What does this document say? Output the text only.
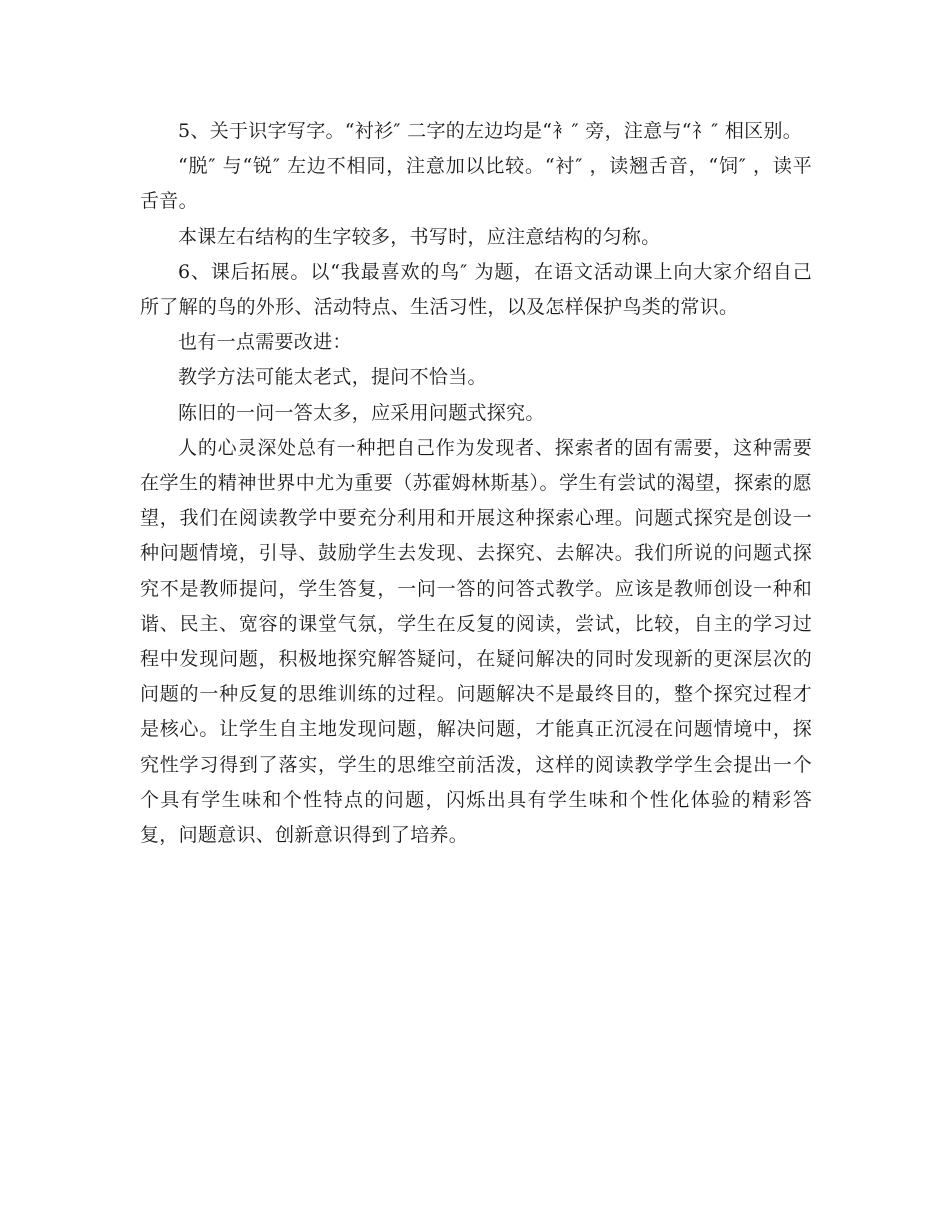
5、关于识字写字。“衬衫″ 二字的左边均是“衤″ 旁，注意与“礻″ 相区别。

“脱″ 与“锐″ 左边不相同，注意加以比较。“衬″ ，读翘舌音，“饲″ ，读平舌音。

本课左右结构的生字较多，书写时，应注意结构的匀称。

6、课后拓展。以“我最喜欢的鸟″ 为题，在语文活动课上向大家介绍自己所了解的鸟的外形、活动特点、生活习性，以及怎样保护鸟类的常识。

也有一点需要改进：

教学方法可能太老式，提问不恰当。

陈旧的一问一答太多，应采用问题式探究。

人的心灵深处总有一种把自己作为发现者、探索者的固有需要，这种需要在学生的精神世界中尤为重要（苏霍姆林斯基）。学生有尝试的渴望，探索的愿望，我们在阅读教学中要充分利用和开展这种探索心理。问题式探究是创设一种问题情境，引导、鼓励学生去发现、去探究、去解决。我们所说的问题式探究不是教师提问，学生答复，一问一答的问答式教学。应该是教师创设一种和谐、民主、宽容的课堂气氛，学生在反复的阅读，尝试，比较，自主的学习过程中发现问题，积极地探究解答疑问，在疑问解决的同时发现新的更深层次的问题的一种反复的思维训练的过程。问题解决不是最终目的，整个探究过程才是核心。让学生自主地发现问题，解决问题，才能真正沉浸在问题情境中，探究性学习得到了落实，学生的思维空前活泼，这样的阅读教学学生会提出一个个具有学生味和个性特点的问题，闪烁出具有学生味和个性化体验的精彩答复，问题意识、创新意识得到了培养。
